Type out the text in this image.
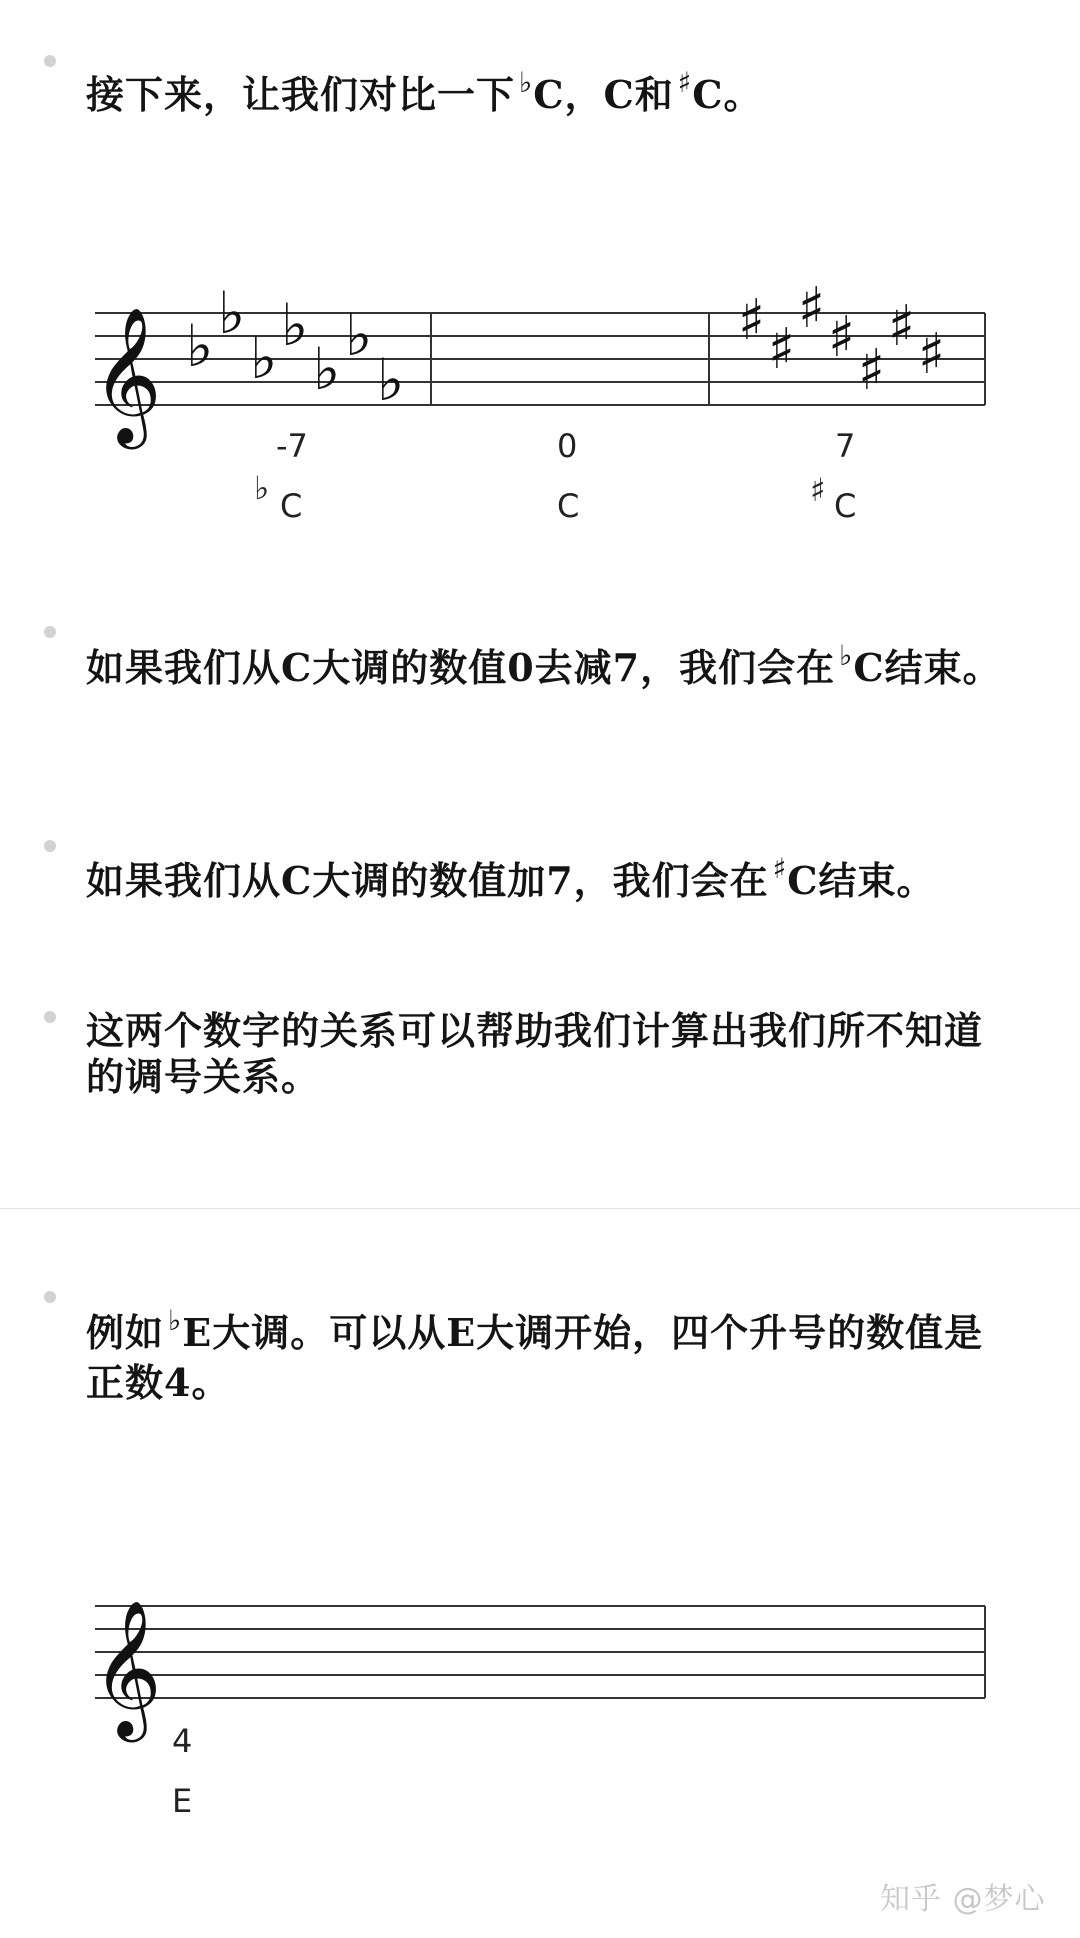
接下来，让我们对比一下 ♭C，C和 ♯C。
𝄞 ♭ ♭
♭ ♭
♭ ♭
♭
♯ ♯
♯ ♯
♯
♯ ♯
-7	0	7
♭ C	C	♯ C
如果我们从C大调的数值0去减7，我们会在 ♭C结束。
如果我们从C大调的数值加7，我们会在 ♯C结束。
这两个数字的关系可以帮助我们计算出我们所不知道的调号关系。
例如 ♭E大调。可以从E大调开始，四个升号的数值是正数4。
𝄞
4
E
知乎 @梦心
